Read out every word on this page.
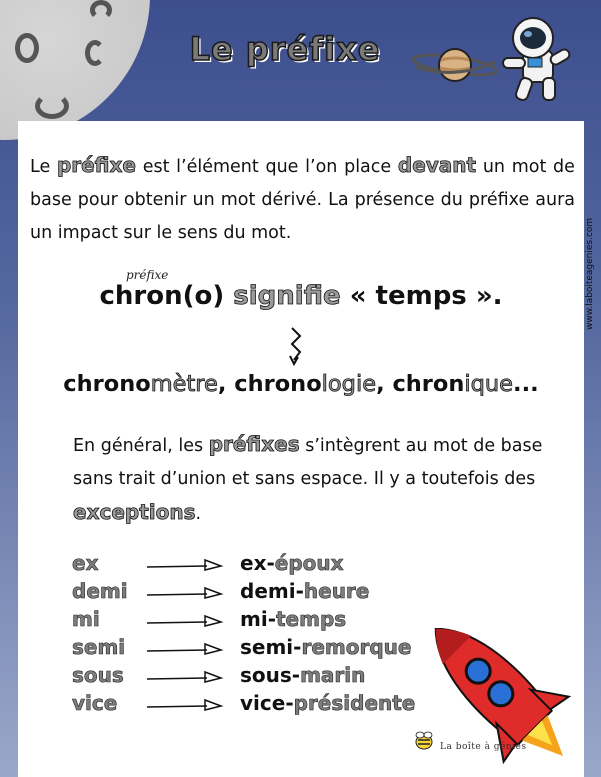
Le préfixe
Le préfixe est l’élément que l’on place devant un mot de base pour obtenir un mot dérivé. La présence du préfixe aura un impact sur le sens du mot.
préfixe
chron(o) signifie « temps ».
chronomètre, chronologie, chronique...
En général, les préfixes s’intègrent au mot de base sans trait d’union et sans espace. Il y a toutefois des exceptions.
ex	ex-époux
demi	demi-heure
mi	mi-temps
semi	semi-remorque
sous	sous-marin
vice	vice-présidente
www.laboiteagenies.com
La boîte à génies
